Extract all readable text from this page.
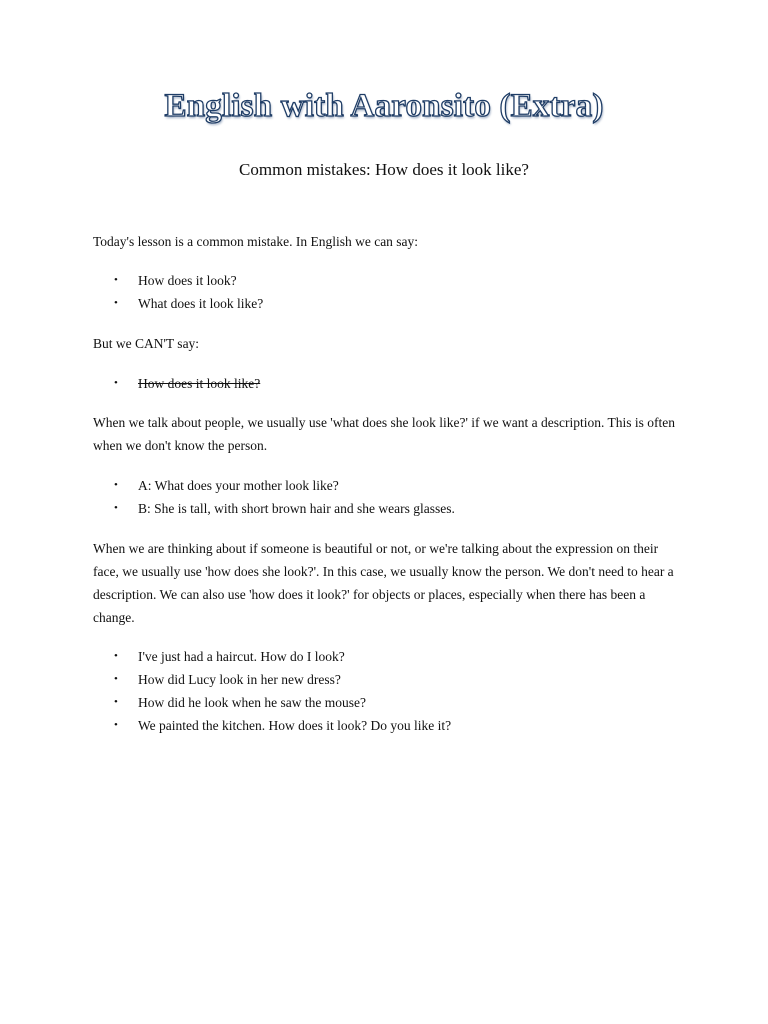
English with Aaronsito (Extra)
Common mistakes: How does it look like?

Today's lesson is a common mistake. In English we can say:

• How does it look?
• What does it look like?

But we CAN'T say:

• How does it look like?

When we talk about people, we usually use 'what does she look like?' if we want a description. This is often when we don't know the person.

• A: What does your mother look like?
• B: She is tall, with short brown hair and she wears glasses.

When we are thinking about if someone is beautiful or not, or we're talking about the expression on their face, we usually use 'how does she look?'. In this case, we usually know the person. We don't need to hear a description. We can also use 'how does it look?' for objects or places, especially when there has been a change.

• I've just had a haircut. How do I look?
• How did Lucy look in her new dress?
• How did he look when he saw the mouse?
• We painted the kitchen. How does it look? Do you like it?
